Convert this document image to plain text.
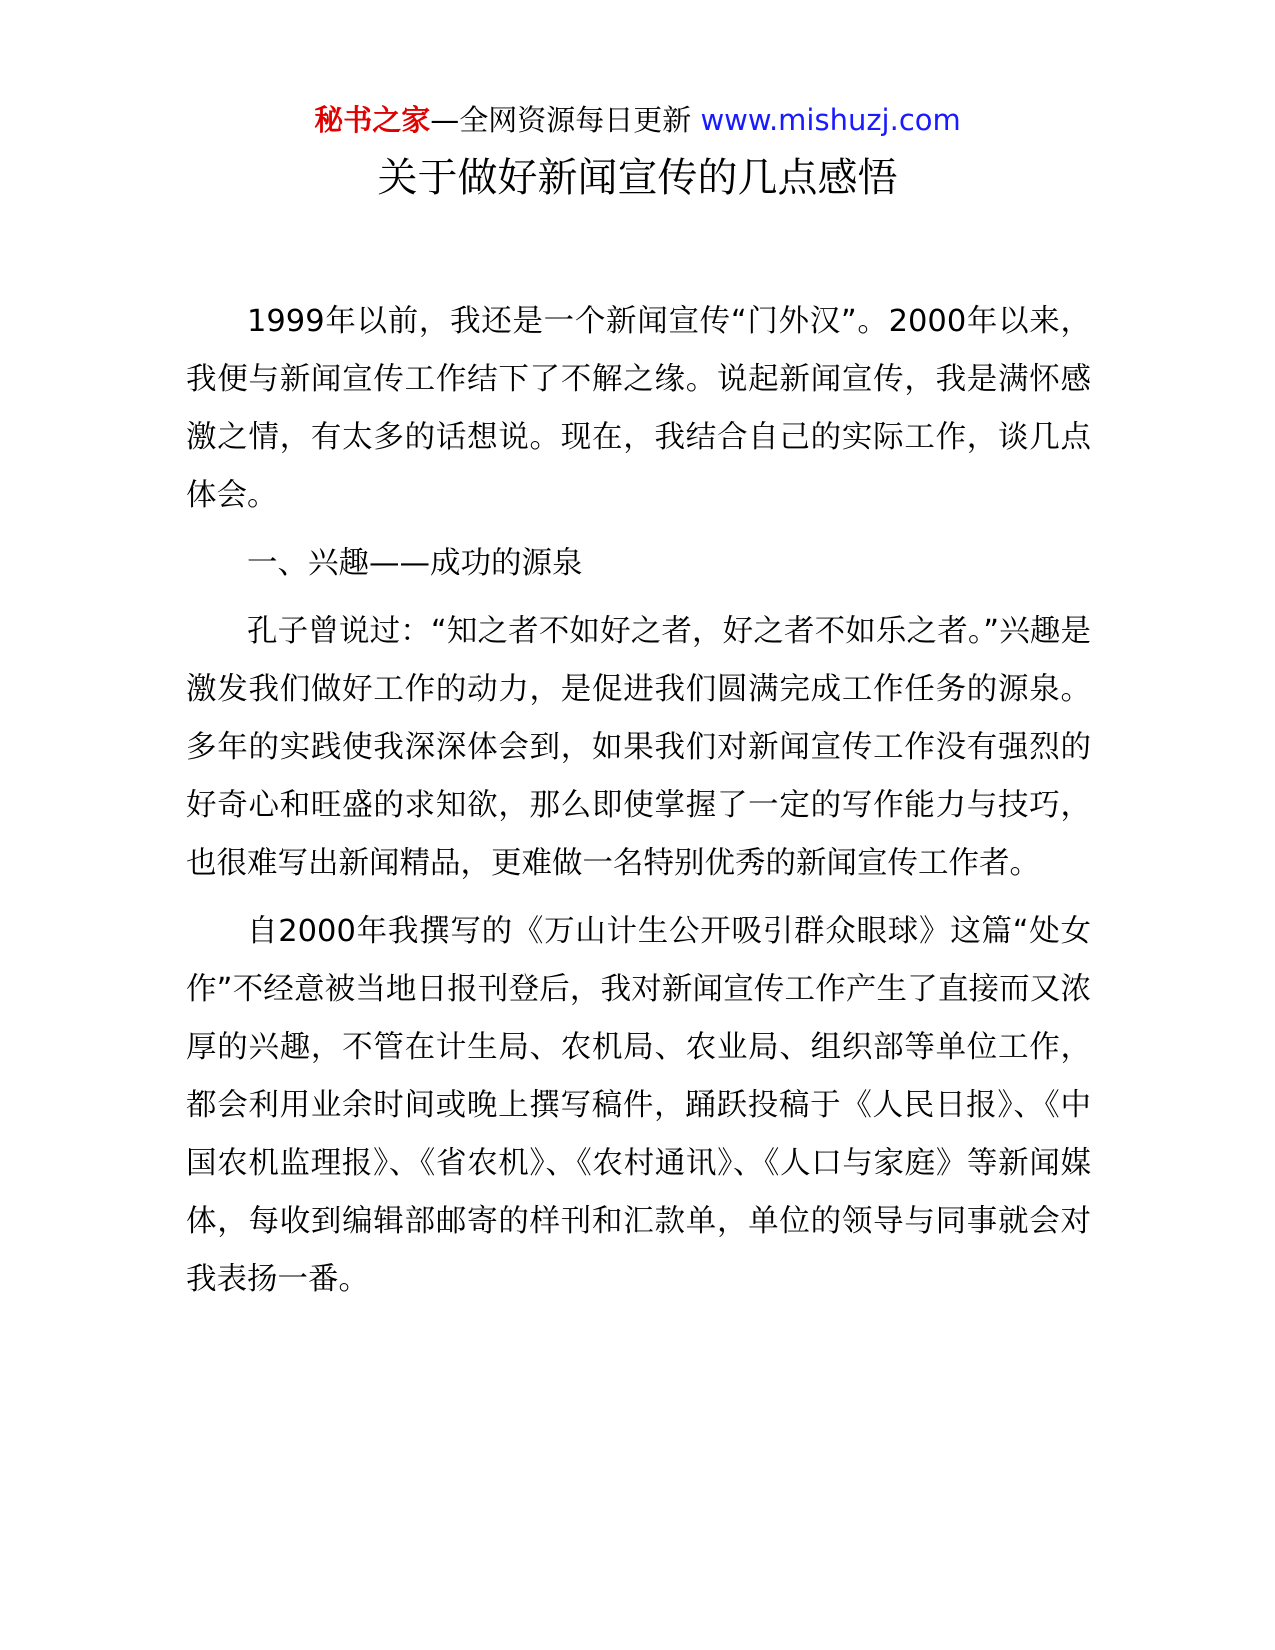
秘书之家—全网资源每日更新 www.mishuzj.com
关于做好新闻宣传的几点感悟

1999年以前，我还是一个新闻宣传“门外汉”。2000年以来，我便与新闻宣传工作结下了不解之缘。说起新闻宣传，我是满怀感激之情，有太多的话想说。现在，我结合自己的实际工作，谈几点体会。

一、兴趣——成功的源泉

孔子曾说过：“知之者不如好之者，好之者不如乐之者。”兴趣是激发我们做好工作的动力，是促进我们圆满完成工作任务的源泉。多年的实践使我深深体会到，如果我们对新闻宣传工作没有强烈的好奇心和旺盛的求知欲，那么即使掌握了一定的写作能力与技巧，也很难写出新闻精品，更难做一名特别优秀的新闻宣传工作者。

自2000年我撰写的《万山计生公开吸引群众眼球》这篇“处女作”不经意被当地日报刊登后，我对新闻宣传工作产生了直接而又浓厚的兴趣，不管在计生局、农机局、农业局、组织部等单位工作，都会利用业余时间或晚上撰写稿件，踊跃投稿于《人民日报》、《中国农机监理报》、《省农机》、《农村通讯》、《人口与家庭》等新闻媒体，每收到编辑部邮寄的样刊和汇款单，单位的领导与同事就会对我表扬一番。
